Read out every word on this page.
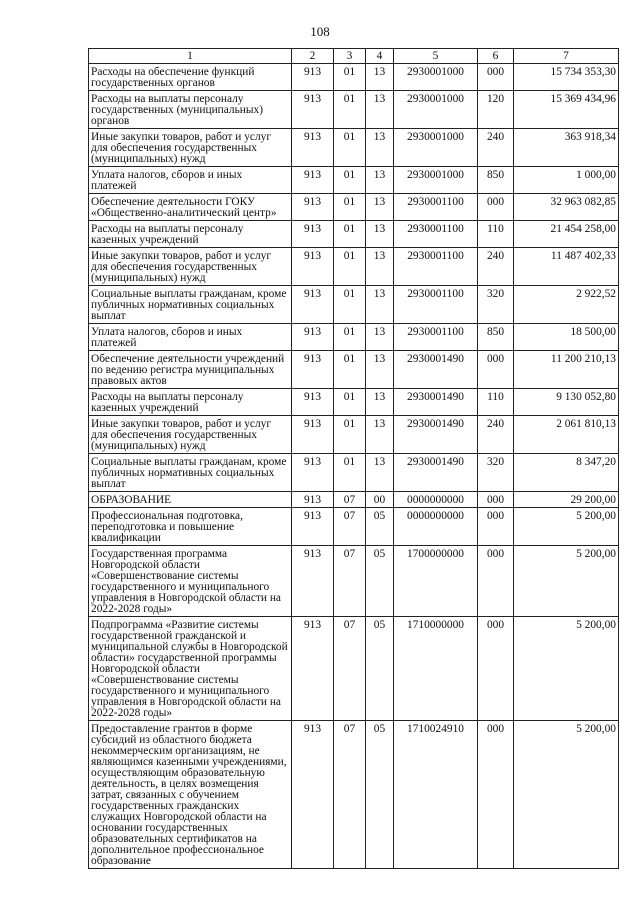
108
1	2	3	4	5	6	7
Расходы на обеспечение функций государственных органов	913	01	13	2930001000	000	15 734 353,30
Расходы на выплаты персоналу государственных (муниципальных) органов	913	01	13	2930001000	120	15 369 434,96
Иные закупки товаров, работ и услуг для обеспечения государственных (муниципальных) нужд	913	01	13	2930001000	240	363 918,34
Уплата налогов, сборов и иных платежей	913	01	13	2930001000	850	1 000,00
Обеспечение деятельности ГОКУ «Общественно-аналитический центр»	913	01	13	2930001100	000	32 963 082,85
Расходы на выплаты персоналу казенных учреждений	913	01	13	2930001100	110	21 454 258,00
Иные закупки товаров, работ и услуг для обеспечения государственных (муниципальных) нужд	913	01	13	2930001100	240	11 487 402,33
Социальные выплаты гражданам, кроме публичных нормативных социальных выплат	913	01	13	2930001100	320	2 922,52
Уплата налогов, сборов и иных платежей	913	01	13	2930001100	850	18 500,00
Обеспечение деятельности учреждений по ведению регистра муниципальных правовых актов	913	01	13	2930001490	000	11 200 210,13
Расходы на выплаты персоналу казенных учреждений	913	01	13	2930001490	110	9 130 052,80
Иные закупки товаров, работ и услуг для обеспечения государственных (муниципальных) нужд	913	01	13	2930001490	240	2 061 810,13
Социальные выплаты гражданам, кроме публичных нормативных социальных выплат	913	01	13	2930001490	320	8 347,20
ОБРАЗОВАНИЕ	913	07	00	0000000000	000	29 200,00
Профессиональная подготовка, переподготовка и повышение квалификации	913	07	05	0000000000	000	5 200,00
Государственная программа Новгородской области «Совершенствование системы государственного и муниципального управления в Новгородской области на 2022-2028 годы»	913	07	05	1700000000	000	5 200,00
Подпрограмма «Развитие системы государственной гражданской и муниципальной службы в Новгородской области» государственной программы Новгородской области «Совершенствование системы государственного и муниципального управления в Новгородской области на 2022-2028 годы»	913	07	05	1710000000	000	5 200,00
Предоставление грантов в форме субсидий из областного бюджета некоммерческим организациям, не являющимся казенными учреждениями, осуществляющим образовательную деятельность, в целях возмещения затрат, связанных с обучением государственных гражданских служащих Новгородской области на основании государственных образовательных сертификатов на дополнительное профессиональное образование	913	07	05	1710024910	000	5 200,00
